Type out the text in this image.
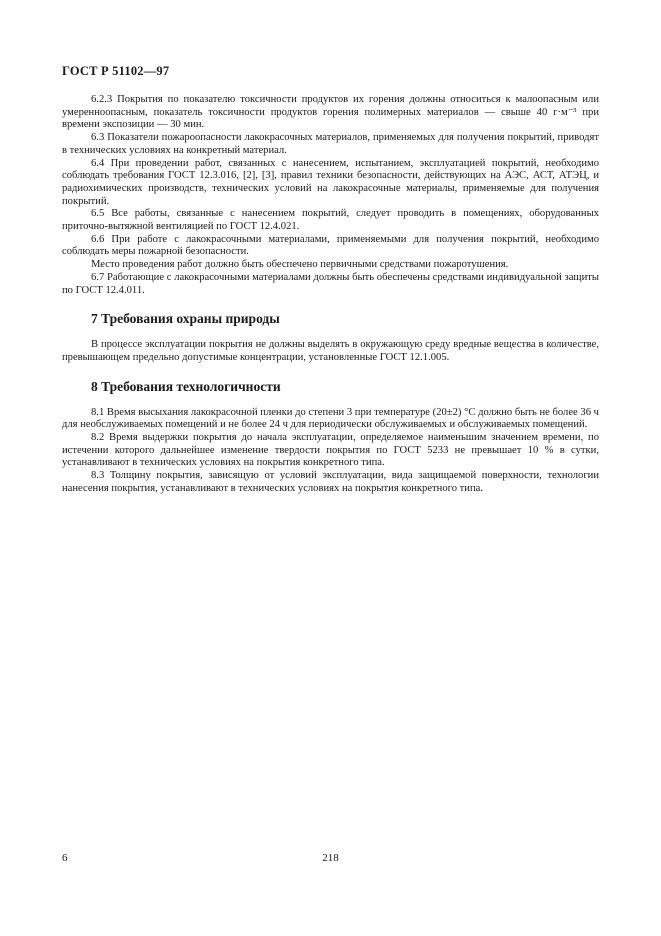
ГОСТ Р 51102—97

6.2.3 Покрытия по показателю токсичности продуктов их горения должны относиться к малоопасным или умеренноопасным, показатель токсичности продуктов горения полимерных материалов — свыше 40 г·м⁻³ при времени экспозиции — 30 мин.

6.3 Показатели пожароопасности лакокрасочных материалов, применяемых для получения покрытий, приводят в технических условиях на конкретный материал.

6.4 При проведении работ, связанных с нанесением, испытанием, эксплуатацией покрытий, необходимо соблюдать требования ГОСТ 12.3.016, [2], [3], правил техники безопасности, действующих на АЭС, АСТ, АТЭЦ, и радиохимических производств, технических условий на лакокрасочные материалы, применяемые для получения покрытий.

6.5 Все работы, связанные с нанесением покрытий, следует проводить в помещениях, оборудованных приточно-вытяжной вентиляцией по ГОСТ 12.4.021.

6.6 При работе с лакокрасочными материалами, применяемыми для получения покрытий, необходимо соблюдать меры пожарной безопасности.

Место проведения работ должно быть обеспечено первичными средствами пожаротушения.

6.7 Работающие с лакокрасочными материалами должны быть обеспечены средствами индивидуальной защиты по ГОСТ 12.4.011.

7 Требования охраны природы

В процессе эксплуатации покрытия не должны выделять в окружающую среду вредные вещества в количестве, превышающем предельно допустимые концентрации, установленные ГОСТ 12.1.005.

8 Требования технологичности

8.1 Время высыхания лакокрасочной пленки до степени 3 при температуре (20±2) °С должно быть не более 36 ч для необслуживаемых помещений и не более 24 ч для периодически обслуживаемых и обслуживаемых помещений.

8.2 Время выдержки покрытия до начала эксплуатации, определяемое наименьшим значением времени, по истечении которого дальнейшее изменение твердости покрытия по ГОСТ 5233 не превышает 10 % в сутки, устанавливают в технических условиях на покрытия конкретного типа.

8.3 Толщину покрытия, зависящую от условий эксплуатации, вида защищаемой поверхности, технологии нанесения покрытия, устанавливают в технических условиях на покрытия конкретного типа.

6	218
